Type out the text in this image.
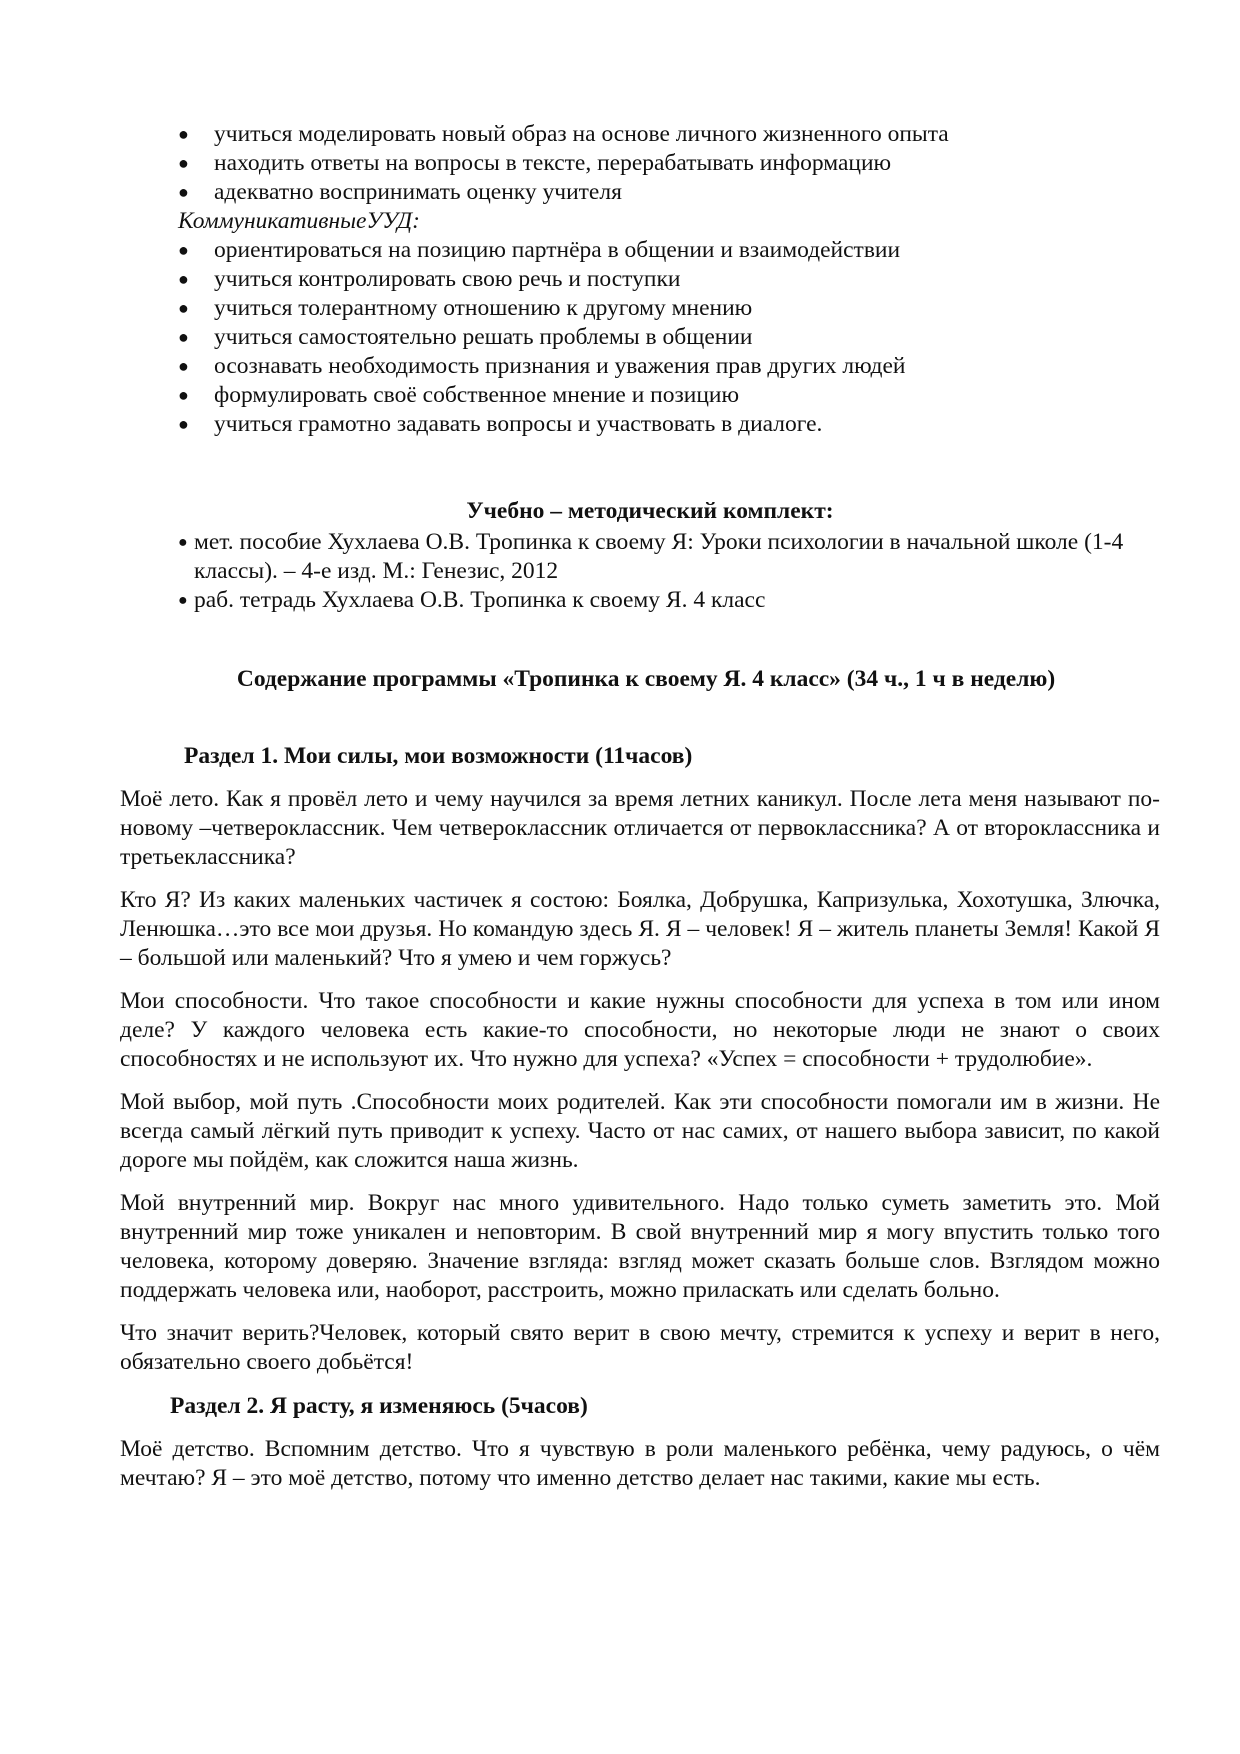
● учиться моделировать новый образ на основе личного жизненного опыта
● находить ответы на вопросы в тексте, перерабатывать информацию
● адекватно воспринимать оценку учителя

КоммуникативныеУУД:

● ориентироваться на позицию партнёра в общении и взаимодействии
● учиться контролировать свою речь и поступки
● учиться толерантному отношению к другому мнению
● учиться самостоятельно решать проблемы в общении
● осознавать необходимость признания и уважения прав других людей
● формулировать своё собственное мнение и позицию
● учиться грамотно задавать вопросы и участвовать в диалоге.

Учебно – методический комплект:

● мет. пособие Хухлаева О.В. Тропинка к своему Я: Уроки психологии в начальной школе (1-4 классы). – 4-е изд. М.: Генезис, 2012
● раб. тетрадь Хухлаева О.В. Тропинка к своему Я. 4 класс

Содержание программы «Тропинка к своему Я. 4 класс» (34 ч., 1 ч в неделю)

Раздел 1. Мои силы, мои возможности (11часов)

Моё лето. Как я провёл лето и чему научился за время летних каникул. После лета меня называют по-новому –четвероклассник. Чем четвероклассник отличается от первоклассника? А от второклассника и третьеклассника?

Кто Я? Из каких маленьких частичек я состою: Боялка, Добрушка, Капризулька, Хохотушка, Злючка, Ленюшка…это все мои друзья. Но командую здесь Я. Я – человек! Я – житель планеты Земля! Какой Я – большой или маленький? Что я умею и чем горжусь?

Мои способности. Что такое способности и какие нужны способности для успеха в том или ином деле? У каждого человека есть какие-то способности, но некоторые люди не знают о своих способностях и не используют их. Что нужно для успеха? «Успех = способности + трудолюбие».

Мой выбор, мой путь .Способности моих родителей. Как эти способности помогали им в жизни. Не всегда самый лёгкий путь приводит к успеху. Часто от нас самих, от нашего выбора зависит, по какой дороге мы пойдём, как сложится наша жизнь.

Мой внутренний мир. Вокруг нас много удивительного. Надо только суметь заметить это. Мой внутренний мир тоже уникален и неповторим. В свой внутренний мир я могу впустить только того человека, которому доверяю. Значение взгляда: взгляд может сказать больше слов. Взглядом можно поддержать человека или, наоборот, расстроить, можно приласкать или сделать больно.

Что значит верить?Человек, который свято верит в свою мечту, стремится к успеху и верит в него, обязательно своего добьётся!

Раздел 2. Я расту, я изменяюсь (5часов)

Моё детство. Вспомним детство. Что я чувствую в роли маленького ребёнка, чему радуюсь, о чём мечтаю? Я – это моё детство, потому что именно детство делает нас такими, какие мы есть.
